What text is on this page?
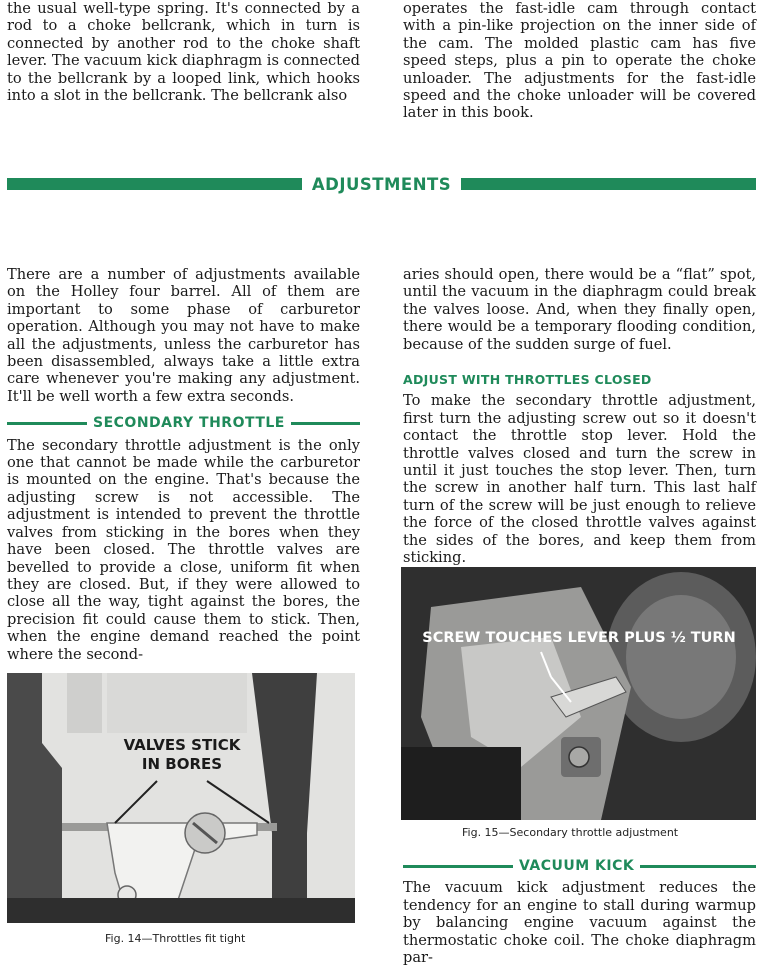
the usual well-type spring. It's connected by a rod to a choke bellcrank, which in turn is connected by another rod to the choke shaft lever. The vacuum kick diaphragm is connected to the bellcrank by a looped link, which hooks into a slot in the bellcrank. The bellcrank also

operates the fast-idle cam through contact with a pin-like projection on the inner side of the cam. The molded plastic cam has five speed steps, plus a pin to operate the choke unloader. The adjustments for the fast-idle speed and the choke unloader will be covered later in this book.

ADJUSTMENTS

There are a number of adjustments available on the Holley four barrel. All of them are important to some phase of carburetor operation. Although you may not have to make all the adjustments, unless the carburetor has been disassembled, always take a little extra care whenever you're making any adjustment. It'll be well worth a few extra seconds.

SECONDARY THROTTLE

The secondary throttle adjustment is the only one that cannot be made while the carburetor is mounted on the engine. That's because the adjusting screw is not accessible. The adjustment is intended to prevent the throttle valves from sticking in the bores when they have been closed. The throttle valves are bevelled to provide a close, uniform fit when they are closed. But, if they were allowed to close all the way, tight against the bores, the precision fit could cause them to stick. Then, when the engine demand reached the point where the second-

aries should open, there would be a “flat” spot, until the vacuum in the diaphragm could break the valves loose. And, when they finally open, there would be a temporary flooding condition, because of the sudden surge of fuel.

ADJUST WITH THROTTLES CLOSED

To make the secondary throttle adjustment, first turn the adjusting screw out so it doesn't contact the throttle stop lever. Hold the throttle valves closed and turn the screw in until it just touches the stop lever. Then, turn the screw in another half turn. This last half turn of the screw will be just enough to relieve the force of the closed throttle valves against the sides of the bores, and keep them from sticking.

VALVES STICK
IN BORES
Fig. 14—Throttles fit tight
SCREW TOUCHES LEVER PLUS ½ TURN
Fig. 15—Secondary throttle adjustment
VACUUM KICK

The vacuum kick adjustment reduces the tendency for an engine to stall during warmup by balancing engine vacuum against the thermostatic choke coil. The choke diaphragm par-
